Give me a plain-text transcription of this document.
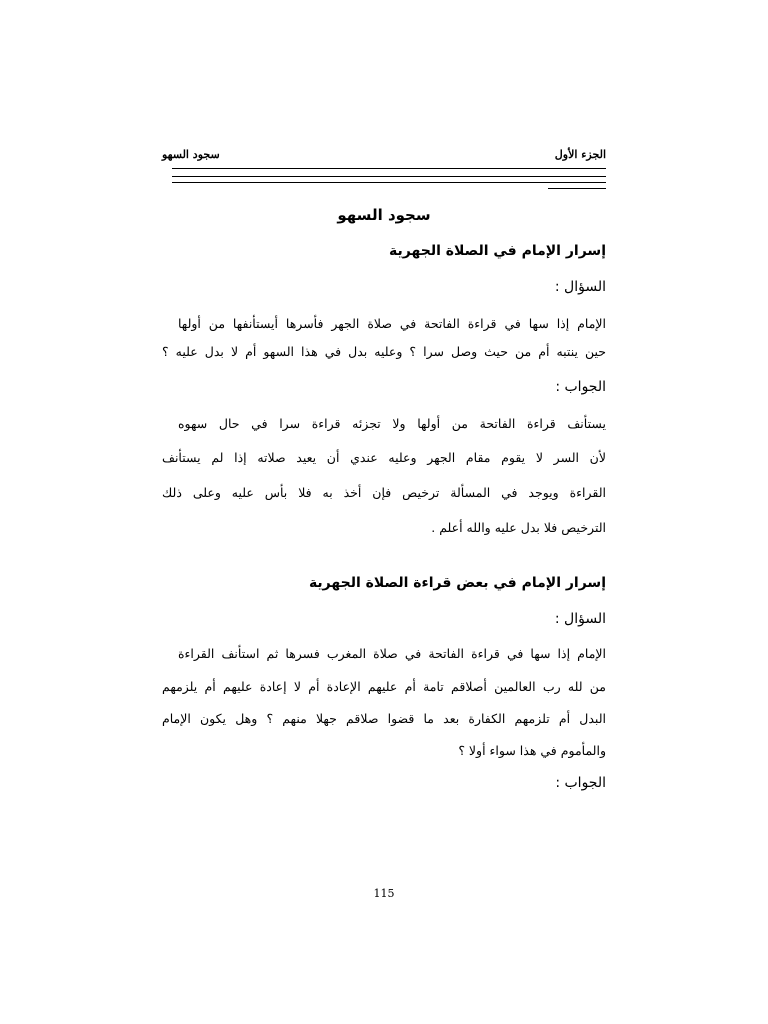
الجزء الأول
سجود السهو
سجود السهو
إسرار الإمام في الصلاة الجهرية
السؤال :
الإمام إذا سها في قراءة الفاتحة في صلاة الجهر فأسرها أيستأنفها من أولها
حين ينتبه أم من حيث وصل سرا ؟ وعليه بدل في هذا السهو أم لا بدل عليه ؟
الجواب :
يستأنف قراءة الفاتحة من أولها ولا تجزئه قراءة سرا في حال سهوه
لأن السر لا يقوم مقام الجهر وعليه عندي أن يعيد صلاته إذا لم يستأنف
القراءة ويوجد في المسألة ترخيص فإن أخذ به فلا بأس عليه وعلى ذلك
الترخيص فلا بدل عليه والله أعلم .
إسرار الإمام في بعض قراءة الصلاة الجهرية
السؤال :
الإمام إذا سها في قراءة الفاتحة في صلاة المغرب فسرها ثم استأنف القراءة
من لله رب العالمين أصلاقم تامة أم عليهم الإعادة أم لا إعادة عليهم أم يلزمهم
البدل أم تلزمهم الكفارة بعد ما قضوا صلاقم جهلا منهم ؟ وهل يكون الإمام
والمأموم في هذا سواء أولا ؟
الجواب :
115
